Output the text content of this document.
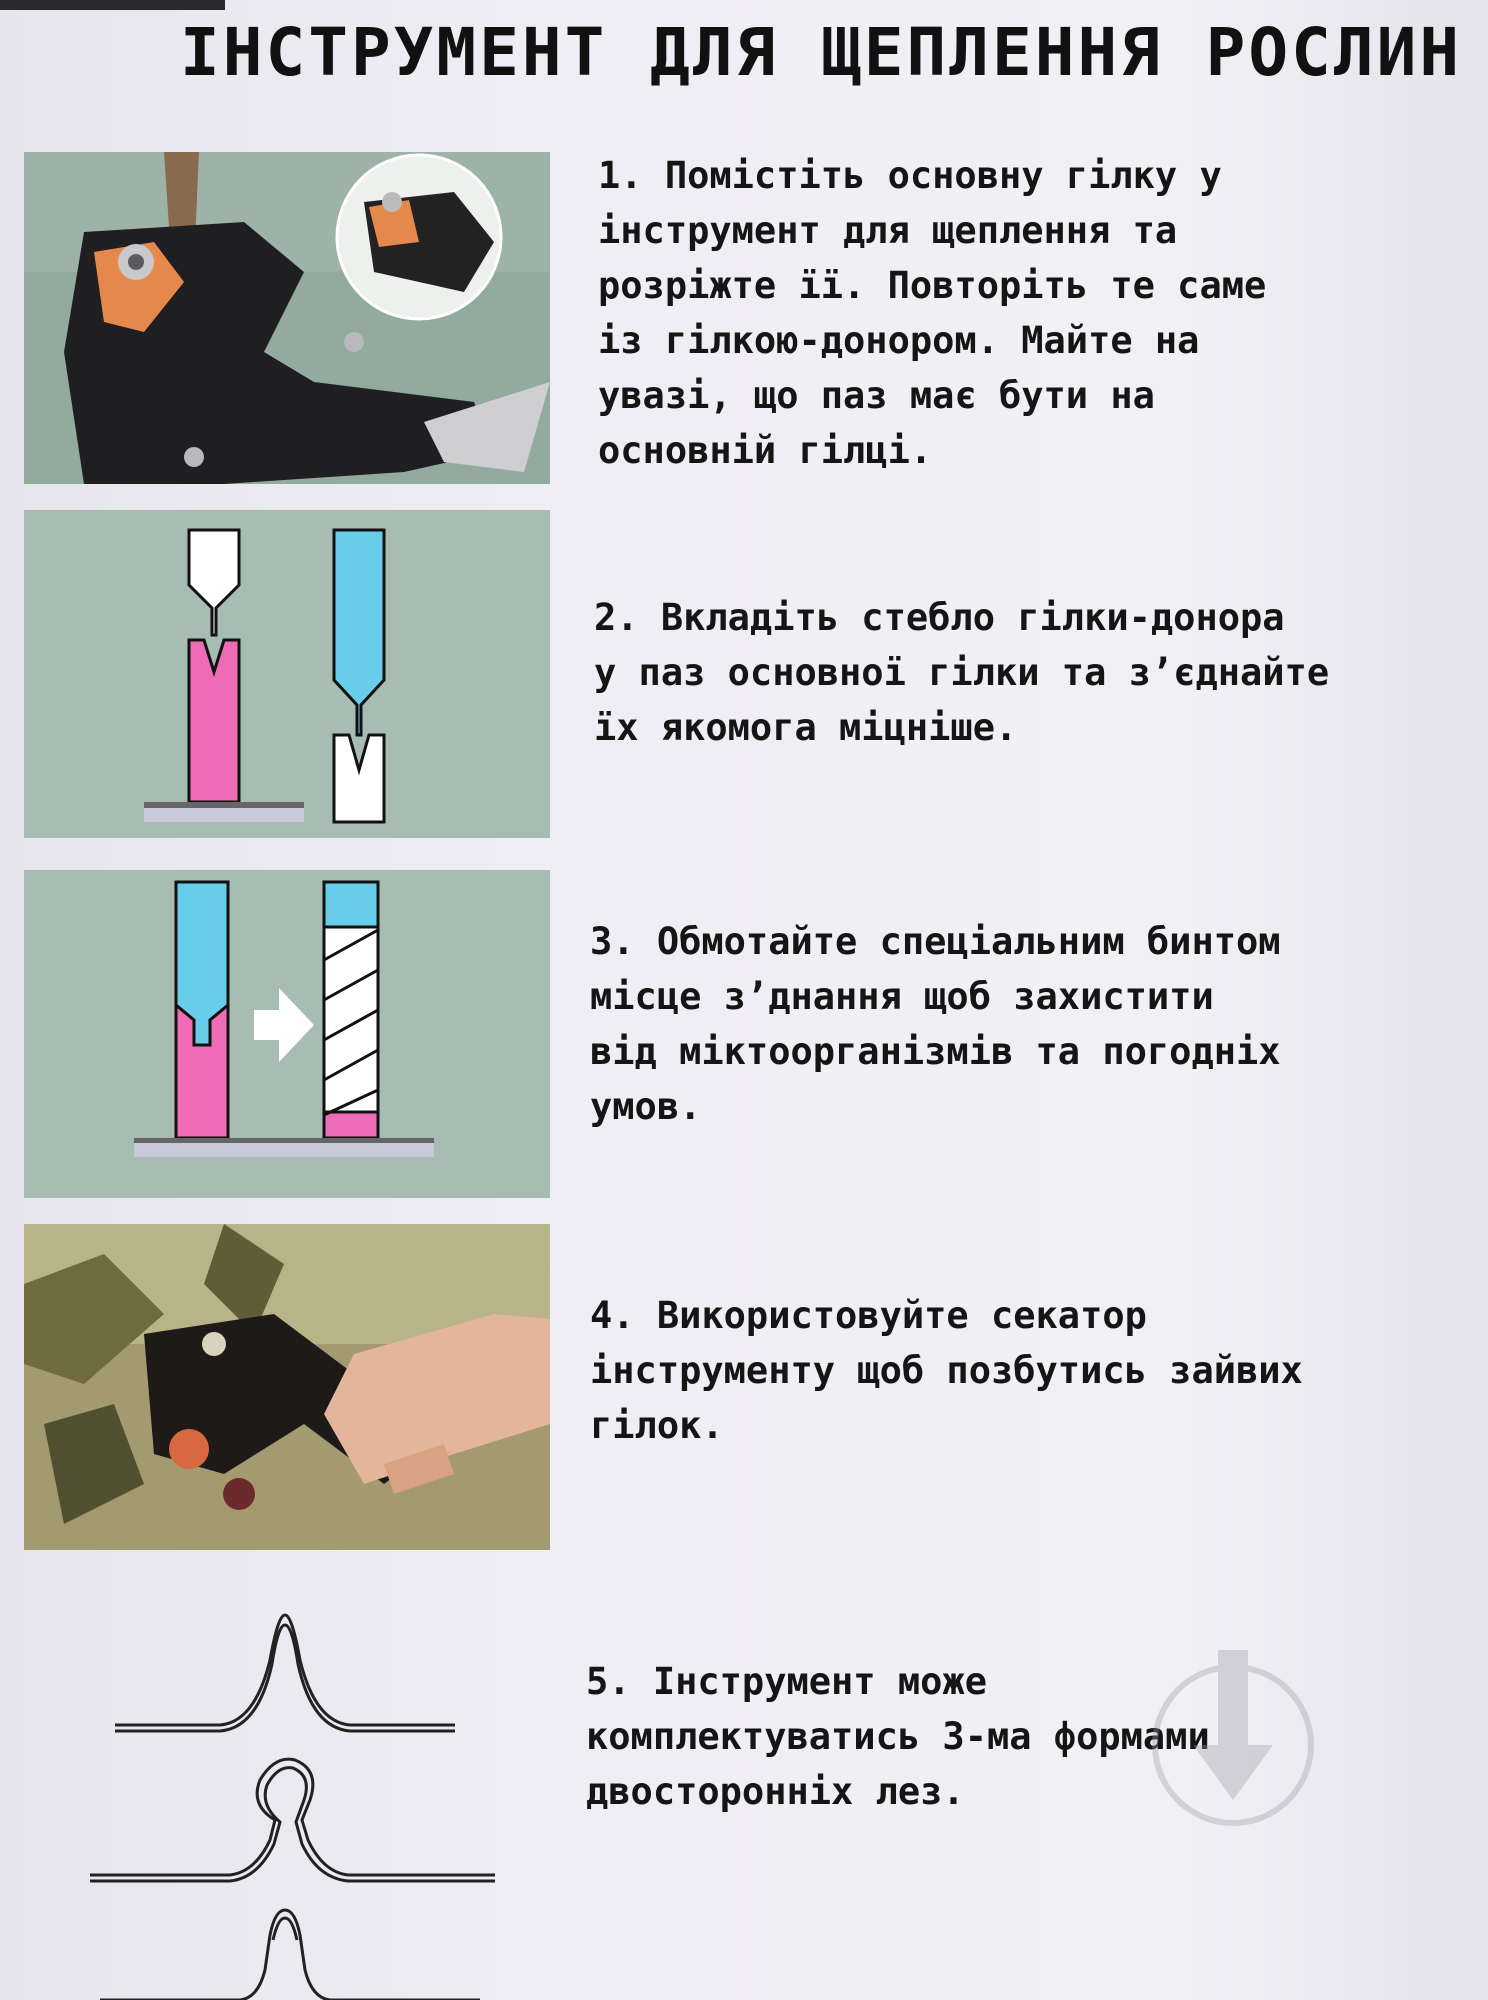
ІНСТРУМЕНТ ДЛЯ ЩЕПЛЕННЯ РОСЛИН
1. Помістіть основну гілку у
інструмент для щеплення та
розріжте її. Повторіть те саме
із гілкою-донором. Майте на
увазі, що паз має бути на
основній гілці.
2. Вкладіть стебло гілки-донора
у паз основної гілки та з’єднайте
їх якомога міцніше.
3. Обмотайте спеціальним бинтом
місце з’днання щоб захистити
від міктоорганізмів та погодніх
умов.
4. Використовуйте секатор
інструменту щоб позбутись зайвих
гілок.
5. Інструмент може
комплектуватись 3-ма формами
двосторонніх лез.
